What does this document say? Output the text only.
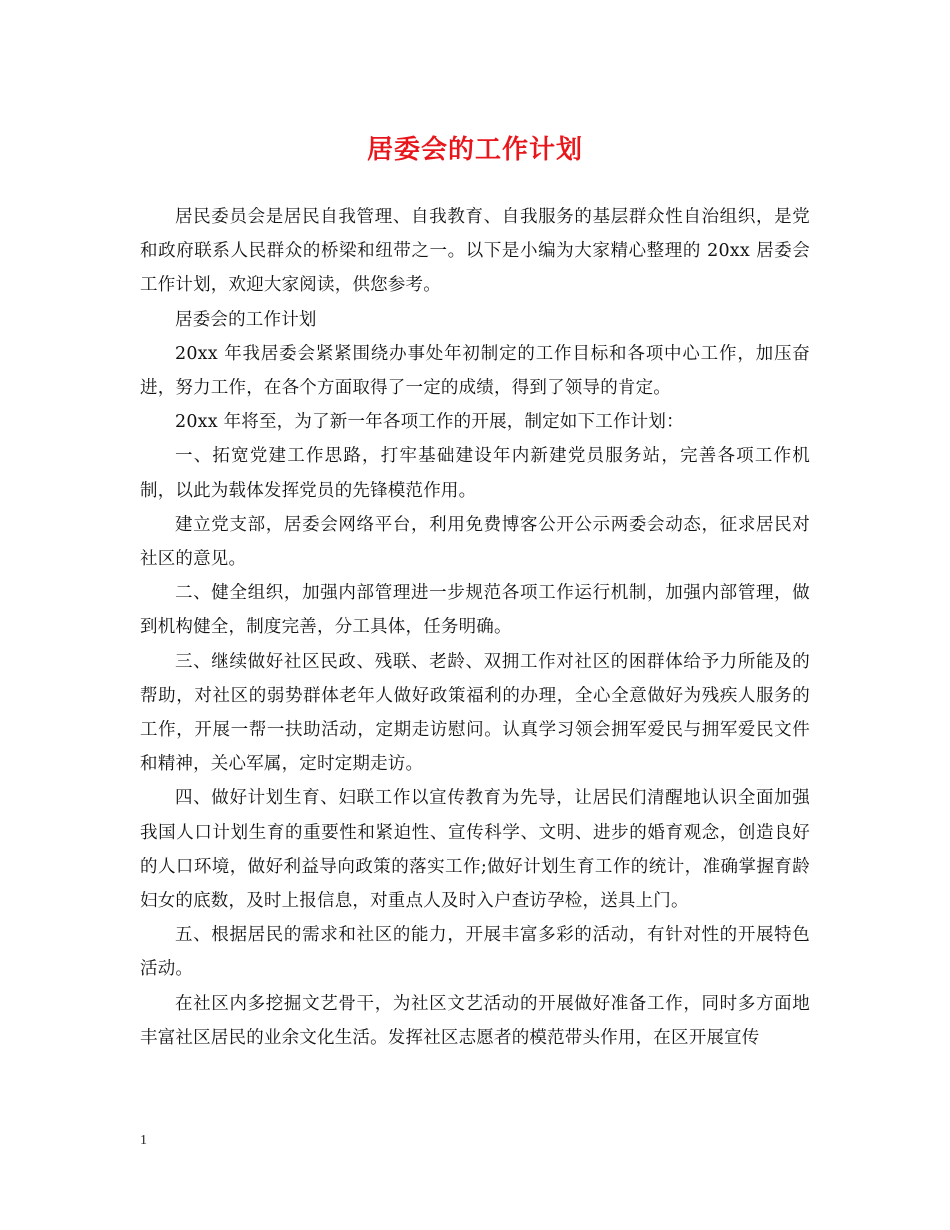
居委会的工作计划

居民委员会是居民自我管理、自我教育、自我服务的基层群众性自治组织，是党和政府联系人民群众的桥梁和纽带之一。以下是小编为大家精心整理的 20xx 居委会工作计划，欢迎大家阅读，供您参考。

居委会的工作计划

20xx 年我居委会紧紧围绕办事处年初制定的工作目标和各项中心工作，加压奋进，努力工作，在各个方面取得了一定的成绩，得到了领导的肯定。

20xx 年将至，为了新一年各项工作的开展，制定如下工作计划：

一、拓宽党建工作思路，打牢基础建设年内新建党员服务站，完善各项工作机制，以此为载体发挥党员的先锋模范作用。

建立党支部，居委会网络平台，利用免费博客公开公示两委会动态，征求居民对社区的意见。

二、健全组织，加强内部管理进一步规范各项工作运行机制，加强内部管理，做到机构健全，制度完善，分工具体，任务明确。

三、继续做好社区民政、残联、老龄、双拥工作对社区的困群体给予力所能及的帮助，对社区的弱势群体老年人做好政策福利的办理，全心全意做好为残疾人服务的工作，开展一帮一扶助活动，定期走访慰问。认真学习领会拥军爱民与拥军爱民文件和精神，关心军属，定时定期走访。

四、做好计划生育、妇联工作以宣传教育为先导，让居民们清醒地认识全面加强我国人口计划生育的重要性和紧迫性、宣传科学、文明、进步的婚育观念，创造良好的人口环境，做好利益导向政策的落实工作;做好计划生育工作的统计，准确掌握育龄妇女的底数，及时上报信息，对重点人及时入户查访孕检，送具上门。

五、根据居民的需求和社区的能力，开展丰富多彩的活动，有针对性的开展特色活动。

在社区内多挖掘文艺骨干，为社区文艺活动的开展做好准备工作，同时多方面地丰富社区居民的业余文化生活。发挥社区志愿者的模范带头作用，在区开展宣传

1
